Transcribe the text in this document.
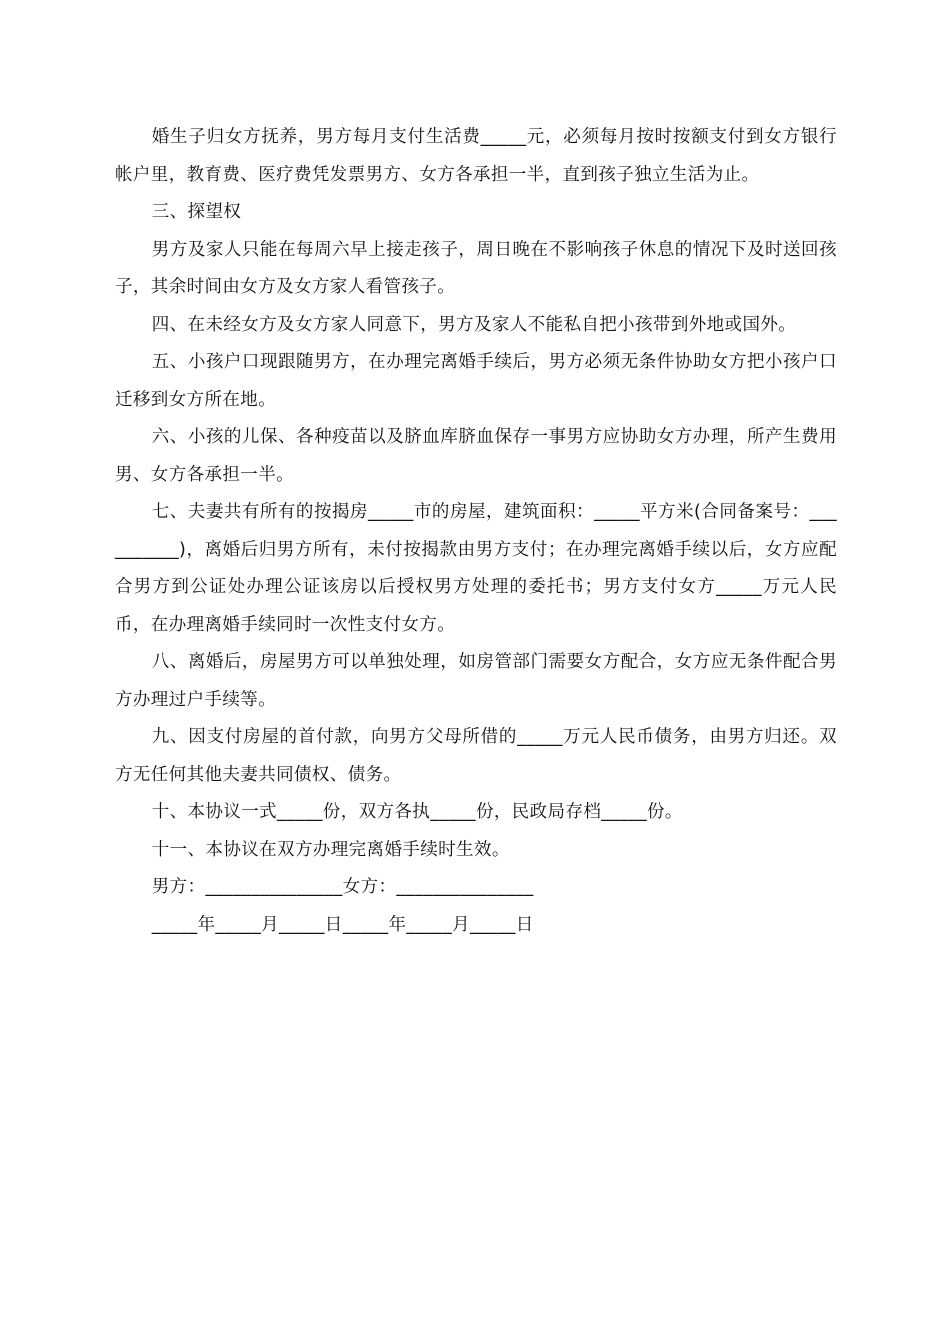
婚生子归女方抚养，男方每月支付生活费_____元，必须每月按时按额支付到女方银行帐户里，教育费、医疗费凭发票男方、女方各承担一半，直到孩子独立生活为止。

三、探望权

男方及家人只能在每周六早上接走孩子，周日晚在不影响孩子休息的情况下及时送回孩子，其余时间由女方及女方家人看管孩子。

四、在未经女方及女方家人同意下，男方及家人不能私自把小孩带到外地或国外。

五、小孩户口现跟随男方，在办理完离婚手续后，男方必须无条件协助女方把小孩户口迁移到女方所在地。

六、小孩的儿保、各种疫苗以及脐血库脐血保存一事男方应协助女方办理，所产生费用男、女方各承担一半。

七、夫妻共有所有的按揭房_____市的房屋，建筑面积：_____平方米(合同备案号：__________)，离婚后归男方所有，未付按揭款由男方支付；在办理完离婚手续以后，女方应配合男方到公证处办理公证该房以后授权男方处理的委托书；男方支付女方_____万元人民币，在办理离婚手续同时一次性支付女方。

八、离婚后，房屋男方可以单独处理，如房管部门需要女方配合，女方应无条件配合男方办理过户手续等。

九、因支付房屋的首付款，向男方父母所借的_____万元人民币债务，由男方归还。双方无任何其他夫妻共同债权、债务。

十、本协议一式_____份，双方各执_____份，民政局存档_____份。

十一、本协议在双方办理完离婚手续时生效。

男方：_______________女方：_______________

_____年_____月_____日_____年_____月_____日
